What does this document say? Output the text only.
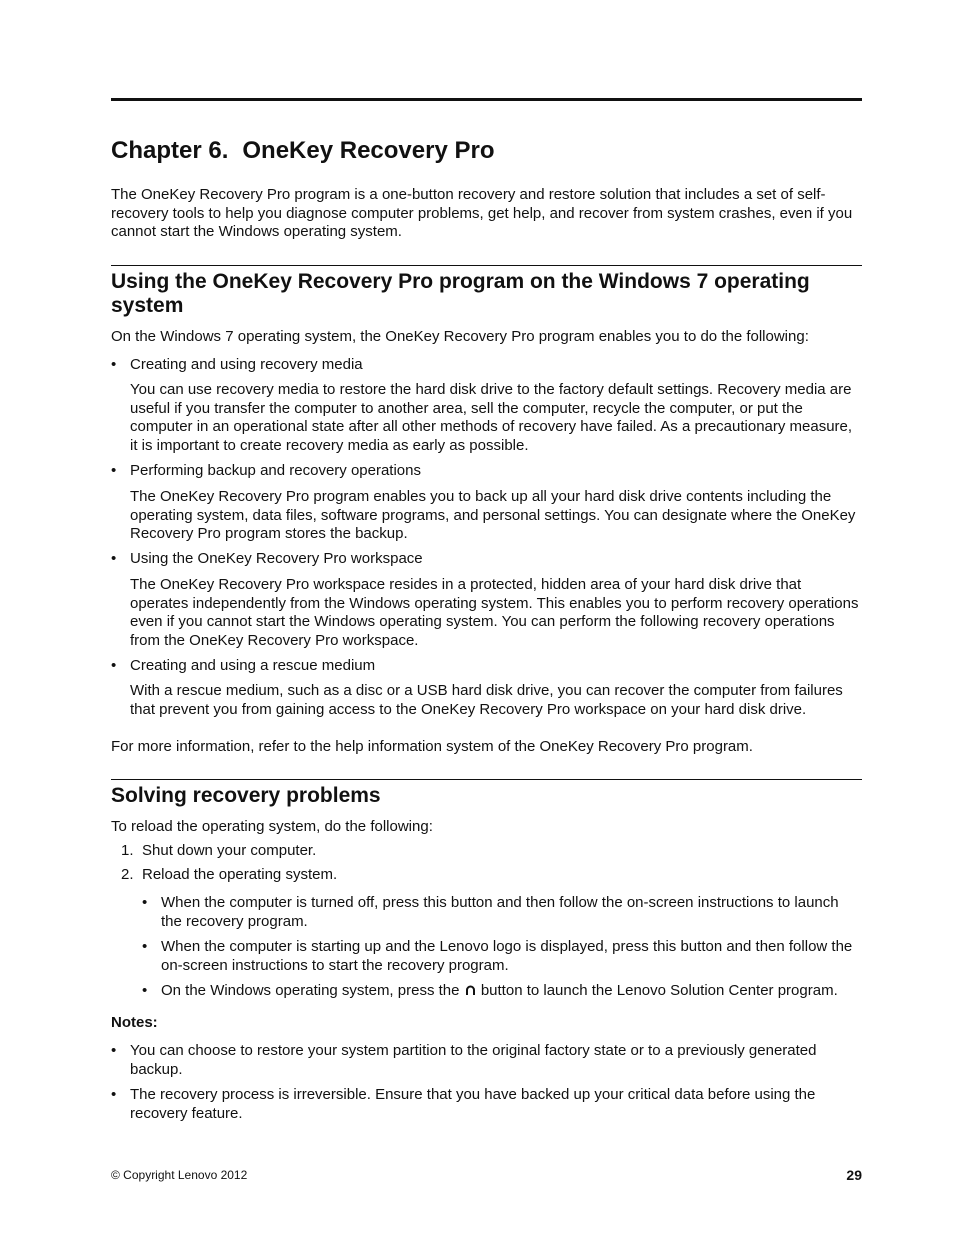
Chapter 6. OneKey Recovery Pro

The OneKey Recovery Pro program is a one-button recovery and restore solution that includes a set of self-recovery tools to help you diagnose computer problems, get help, and recover from system crashes, even if you cannot start the Windows operating system.

Using the OneKey Recovery Pro program on the Windows 7 operating system

On the Windows 7 operating system, the OneKey Recovery Pro program enables you to do the following:

• Creating and using recovery media

You can use recovery media to restore the hard disk drive to the factory default settings. Recovery media are useful if you transfer the computer to another area, sell the computer, recycle the computer, or put the computer in an operational state after all other methods of recovery have failed. As a precautionary measure, it is important to create recovery media as early as possible.

• Performing backup and recovery operations

The OneKey Recovery Pro program enables you to back up all your hard disk drive contents including the operating system, data files, software programs, and personal settings. You can designate where the OneKey Recovery Pro program stores the backup.

• Using the OneKey Recovery Pro workspace

The OneKey Recovery Pro workspace resides in a protected, hidden area of your hard disk drive that operates independently from the Windows operating system. This enables you to perform recovery operations even if you cannot start the Windows operating system. You can perform the following recovery operations from the OneKey Recovery Pro workspace.

• Creating and using a rescue medium

With a rescue medium, such as a disc or a USB hard disk drive, you can recover the computer from failures that prevent you from gaining access to the OneKey Recovery Pro workspace on your hard disk drive.

For more information, refer to the help information system of the OneKey Recovery Pro program.

Solving recovery problems

To reload the operating system, do the following:

1. Shut down your computer.
2. Reload the operating system.
• When the computer is turned off, press this button and then follow the on-screen instructions to launch the recovery program.
• When the computer is starting up and the Lenovo logo is displayed, press this button and then follow the on-screen instructions to start the recovery program.
• On the Windows operating system, press the button to launch the Lenovo Solution Center program.
Notes:
• You can choose to restore your system partition to the original factory state or to a previously generated backup.
• The recovery process is irreversible. Ensure that you have backed up your critical data before using the recovery feature.
© Copyright Lenovo 2012	29
